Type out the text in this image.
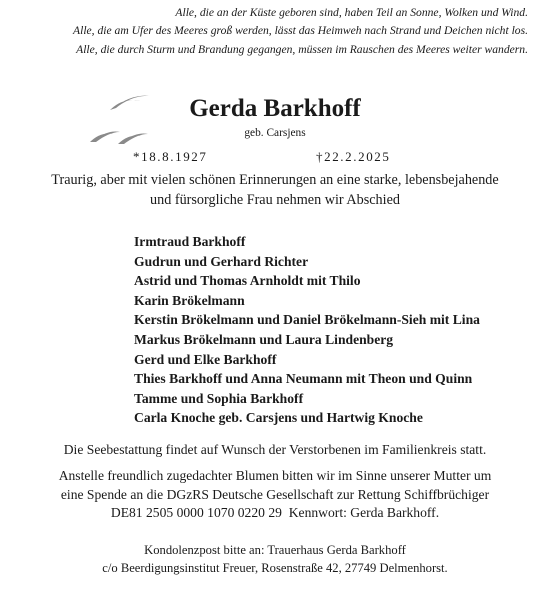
Alle, die an der Küste geboren sind, haben Teil an Sonne, Wolken und Wind.
Alle, die am Ufer des Meeres groß werden, lässt das Heimweh nach Strand und Deichen nicht los.
Alle, die durch Sturm und Brandung gegangen, müssen im Rauschen des Meeres weiter wandern.
Gerda Barkhoff
geb. Carsjens
*18.8.1927	†22.2.2025
Traurig, aber mit vielen schönen Erinnerungen an eine starke, lebensbejahende
und fürsorgliche Frau nehmen wir Abschied
Irmtraud Barkhoff
Gudrun und Gerhard Richter
Astrid und Thomas Arnholdt mit Thilo
Karin Brökelmann
Kerstin Brökelmann und Daniel Brökelmann-Sieh mit Lina
Markus Brökelmann und Laura Lindenberg
Gerd und Elke Barkhoff
Thies Barkhoff und Anna Neumann mit Theon und Quinn
Tamme und Sophia Barkhoff
Carla Knoche geb. Carsjens und Hartwig Knoche
Die Seebestattung findet auf Wunsch der Verstorbenen im Familienkreis statt.
Anstelle freundlich zugedachter Blumen bitten wir im Sinne unserer Mutter um
eine Spende an die DGzRS Deutsche Gesellschaft zur Rettung Schiffbrüchiger
DE81 2505 0000 1070 0220 29  Kennwort: Gerda Barkhoff.
Kondolenzpost bitte an: Trauerhaus Gerda Barkhoff
c/o Beerdigungsinstitut Freuer, Rosenstraße 42, 27749 Delmenhorst.
